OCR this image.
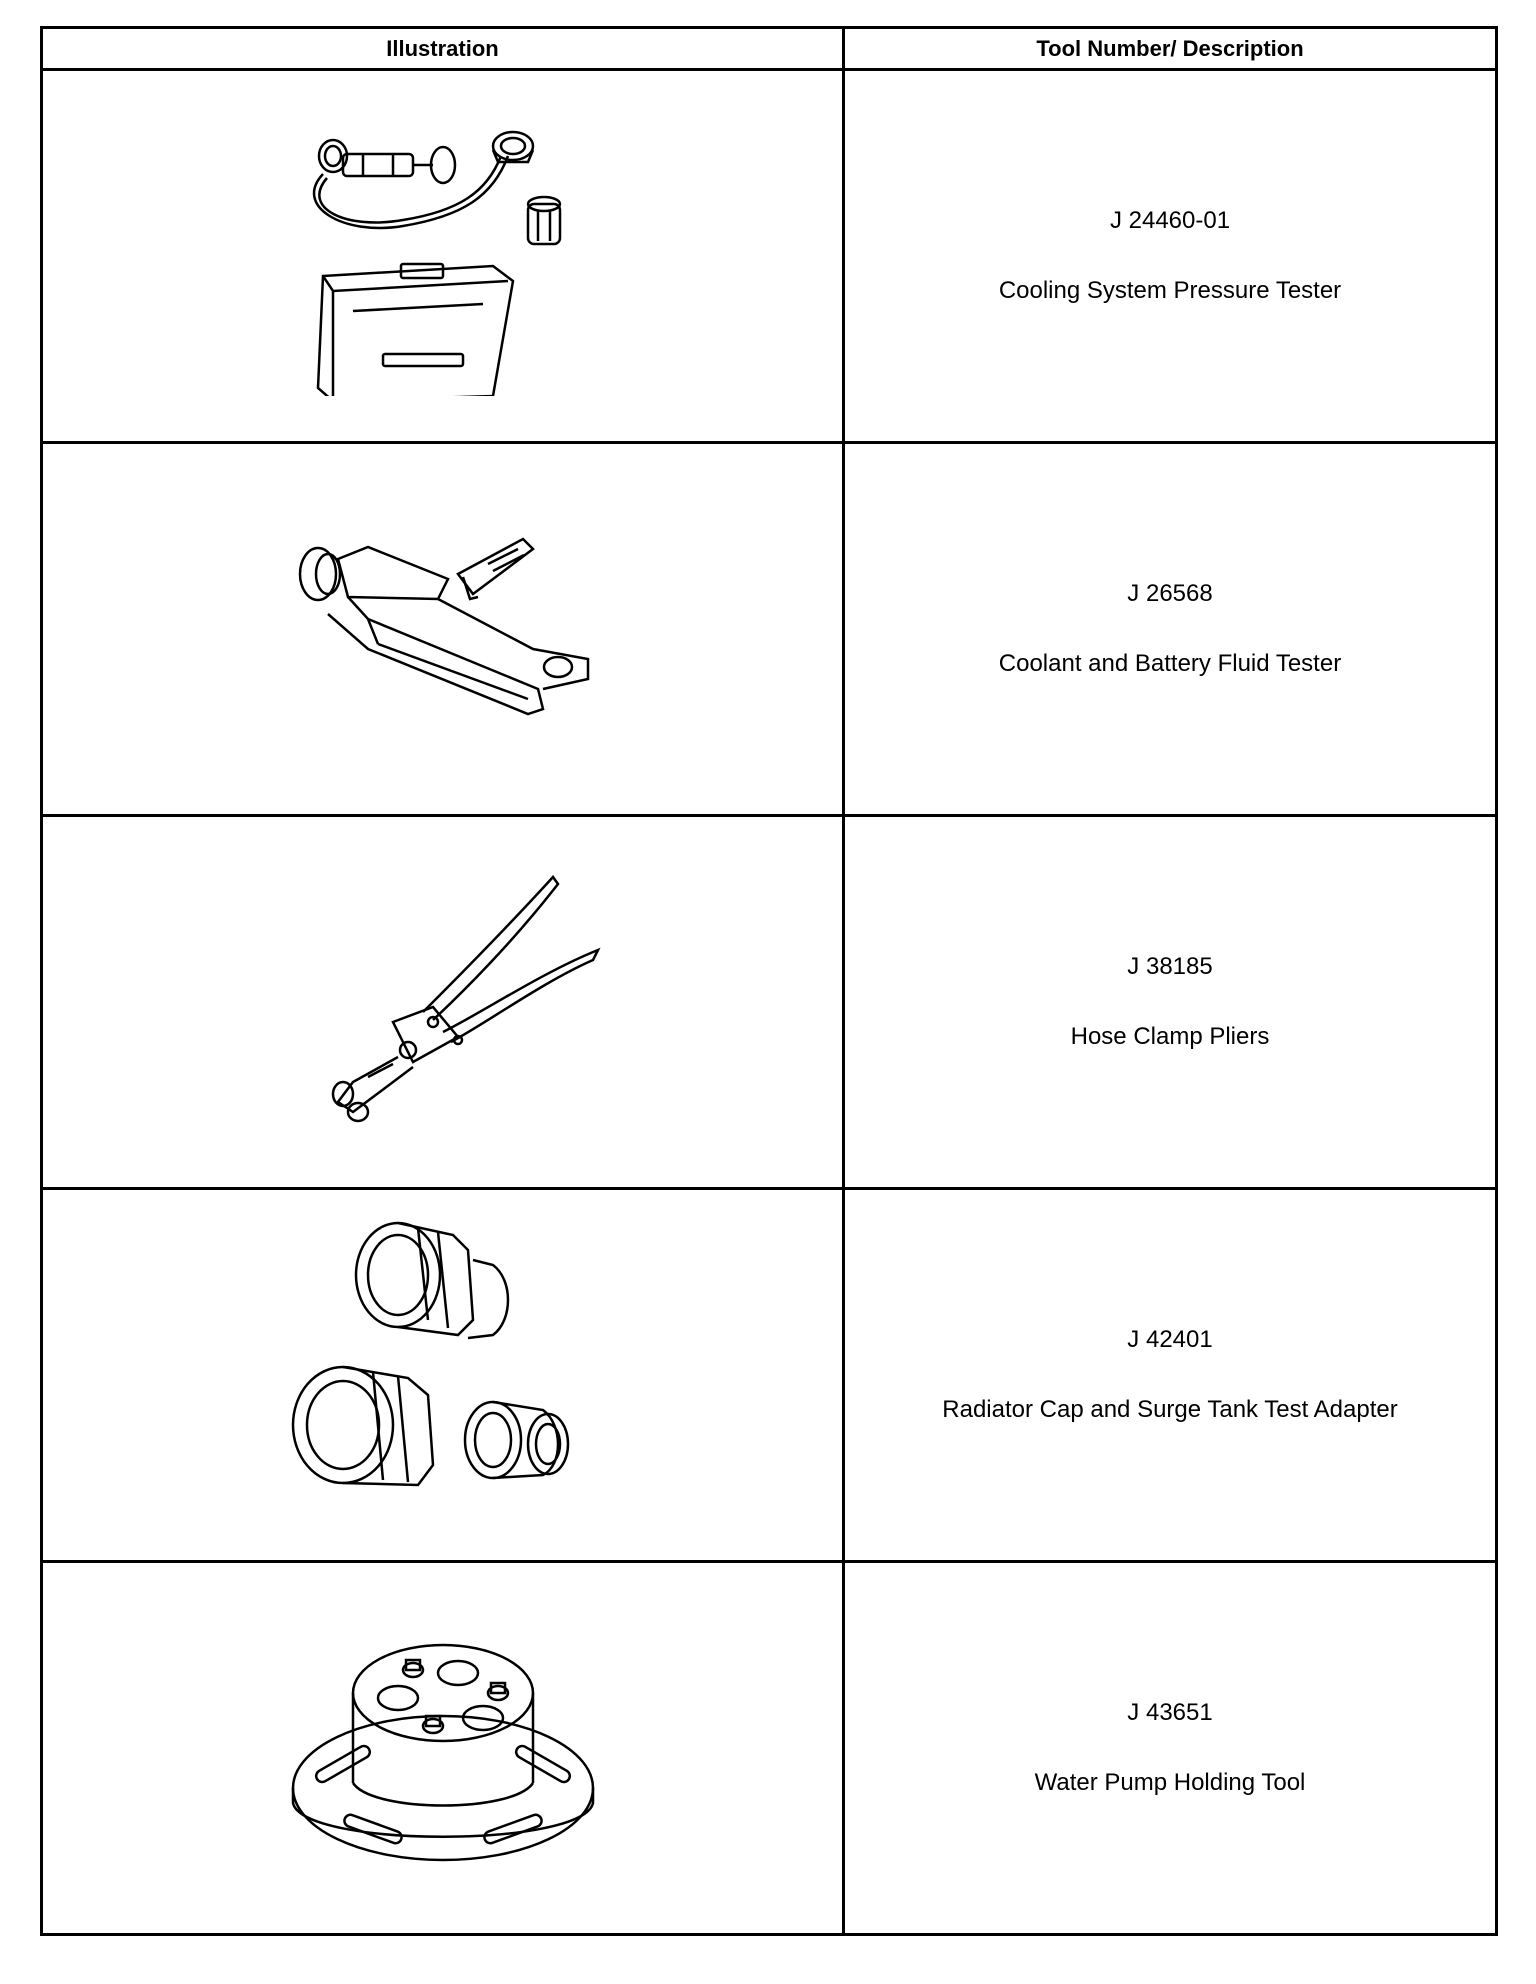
Illustration	Tool Number/ Description

J 24460-01
Cooling System Pressure Tester

J 26568
Coolant and Battery Fluid Tester

J 38185
Hose Clamp Pliers

J 42401
Radiator Cap and Surge Tank Test Adapter

J 43651
Water Pump Holding Tool
